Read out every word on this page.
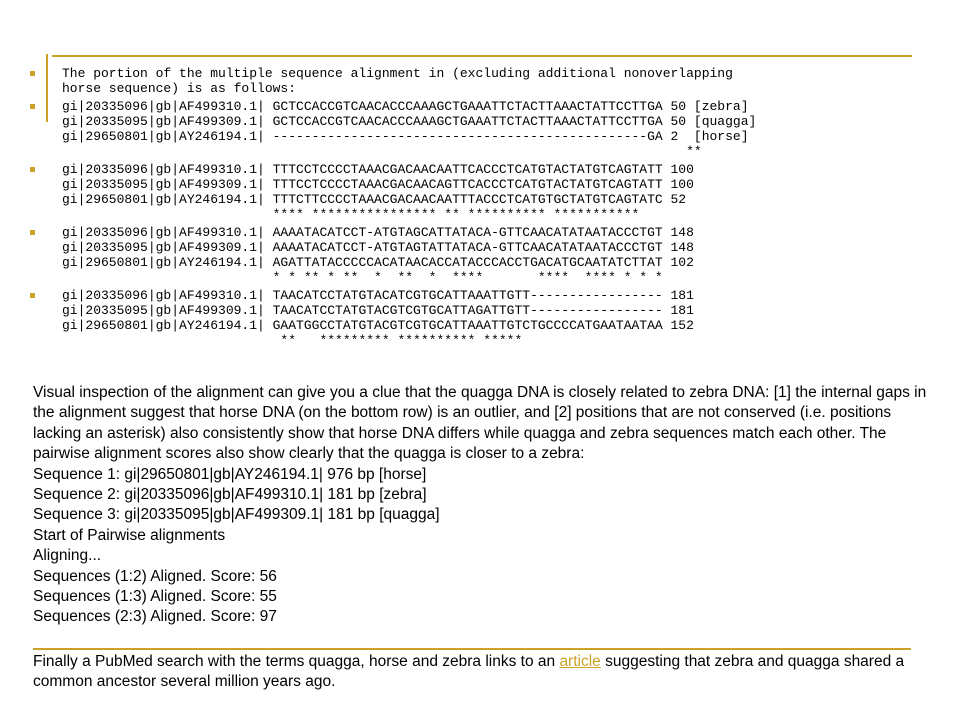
The portion of the multiple sequence alignment in (excluding additional nonoverlapping
horse sequence) is as follows:
gi|20335096|gb|AF499310.1| GCTCCACCGTCAACACCCAAAGCTGAAATTCTACTTAAACTATTCCTTGA 50 [zebra]
gi|20335095|gb|AF499309.1| GCTCCACCGTCAACACCCAAAGCTGAAATTCTACTTAAACTATTCCTTGA 50 [quagga]
gi|29650801|gb|AY246194.1| ------------------------------------------------GA 2  [horse]
**
gi|20335096|gb|AF499310.1| TTTCCTCCCCTAAACGACAACAATTCACCCTCATGTACTATGTCAGTATT 100
gi|20335095|gb|AF499309.1| TTTCCTCCCCTAAACGACAACAGTTCACCCTCATGTACTATGTCAGTATT 100
gi|29650801|gb|AY246194.1| TTTCTTCCCCTAAACGACAACAATTTACCCTCATGTGCTATGTCAGTATC 52
**** **************** ** ********** ***********
gi|20335096|gb|AF499310.1| AAAATACATCCT-ATGTAGCATTATACA-GTTCAACATATAATACCCTGT 148
gi|20335095|gb|AF499309.1| AAAATACATCCT-ATGTAGTATTATACA-GTTCAACATATAATACCCTGT 148
gi|29650801|gb|AY246194.1| AGATTATACCCCCACATAACACCATACCCACCTGACATGCAATATCTTAT 102
* * ** * **  *  **  *  ****       ****  **** * * *
gi|20335096|gb|AF499310.1| TAACATCCTATGTACATCGTGCATTAAATTGTT----------------- 181
gi|20335095|gb|AF499309.1| TAACATCCTATGTACGTCGTGCATTAGATTGTT----------------- 181
gi|29650801|gb|AY246194.1| GAATGGCCTATGTACGTCGTGCATTAAATTGTCTGCCCCATGAATAATAA 152
**   ********* ********** *****

Visual inspection of the alignment can give you a clue that the quagga DNA is closely related to zebra DNA: [1] the internal gaps in the alignment suggest that horse DNA (on the bottom row) is an outlier, and [2] positions that are not conserved (i.e. positions lacking an asterisk) also consistently show that horse DNA differs while quagga and zebra sequences match each other. The pairwise alignment scores also show clearly that the quagga is closer to a zebra:

Sequence 1: gi|29650801|gb|AY246194.1| 976 bp [horse]
Sequence 2: gi|20335096|gb|AF499310.1| 181 bp [zebra]
Sequence 3: gi|20335095|gb|AF499309.1| 181 bp [quagga]
Start of Pairwise alignments
Aligning...
Sequences (1:2) Aligned. Score: 56
Sequences (1:3) Aligned. Score: 55
Sequences (2:3) Aligned. Score: 97
Finally a PubMed search with the terms quagga, horse and zebra links to an article suggesting that zebra and quagga shared a common ancestor several million years ago.
